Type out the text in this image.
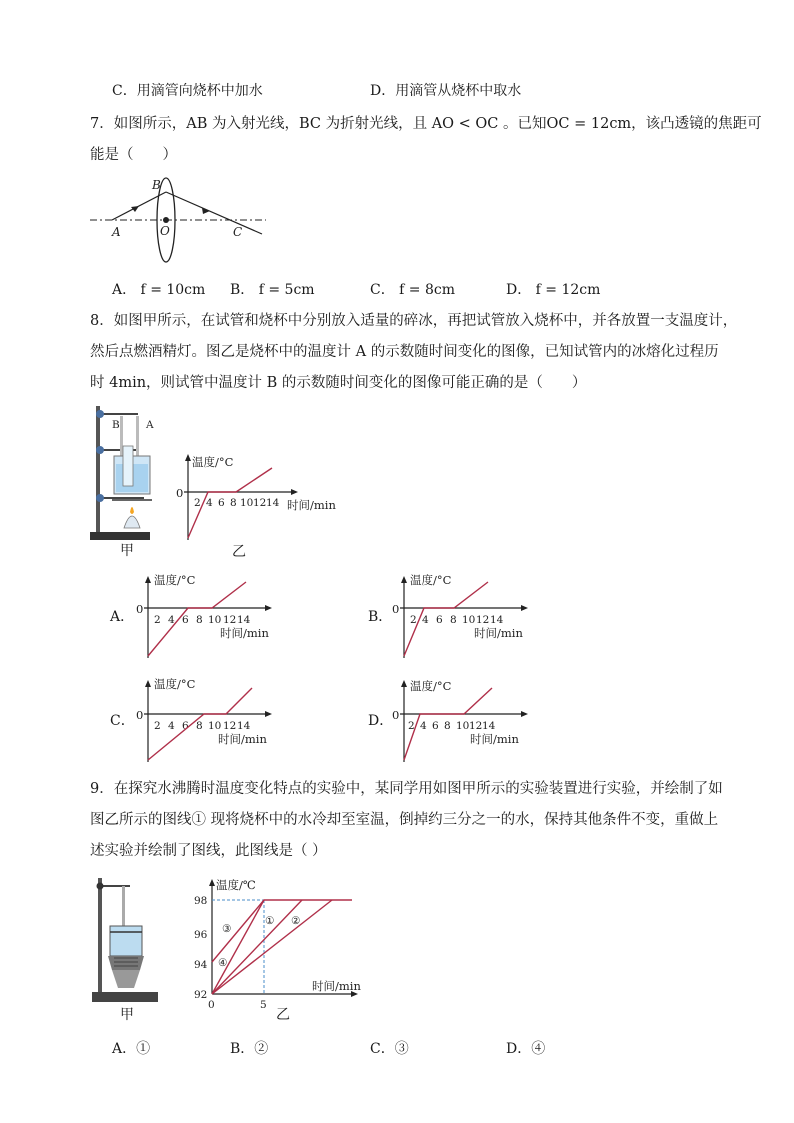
C．用滴管向烧杯中加水	D．用滴管从烧杯中取水
7．如图所示，AB 为入射光线，BC 为折射光线，且 AO < OC 。已知OC = 12cm，该凸透镜的焦距可
能是（　　）
A
B
O	C
A． f = 10cm B． f = 5cm	C． f = 8cm	D． f = 12cm
8．如图甲所示，在试管和烧杯中分别放入适量的碎冰，再把试管放入烧杯中，并各放置一支温度计，
然后点燃酒精灯。图乙是烧杯中的温度计 A 的示数随时间变化的图像，已知试管内的冰熔化过程历
时 4min，则试管中温度计 B 的示数随时间变化的图像可能正确的是（　　）
B	A
甲
温度/°C
0
时间/min
2 4 6 8 10 12 14
乙
A．
温度/°C
0
时间/min
2 4 6 8 10 12 14	B．
温度/°C
0
时间/min
2 4 6 8 10 12 14
C．
温度/°C
0
时间/min
2 4 6 8 10 12 14	D．
温度/°C
0
时间/min
2 4 6 8 10 12 14
9．在探究水沸腾时温度变化特点的实验中，某同学用如图甲所示的实验装置进行实验，并绘制了如
图乙所示的图线① 现将烧杯中的水冷却至室温，倒掉约三分之一的水，保持其他条件不变，重做上
述实验并绘制了图线，此图线是（ ）
甲
温度/℃
时间/min
98
96
94
92
0	5
③
④
① ②
乙
A．①	B．②	C．③	D．④
